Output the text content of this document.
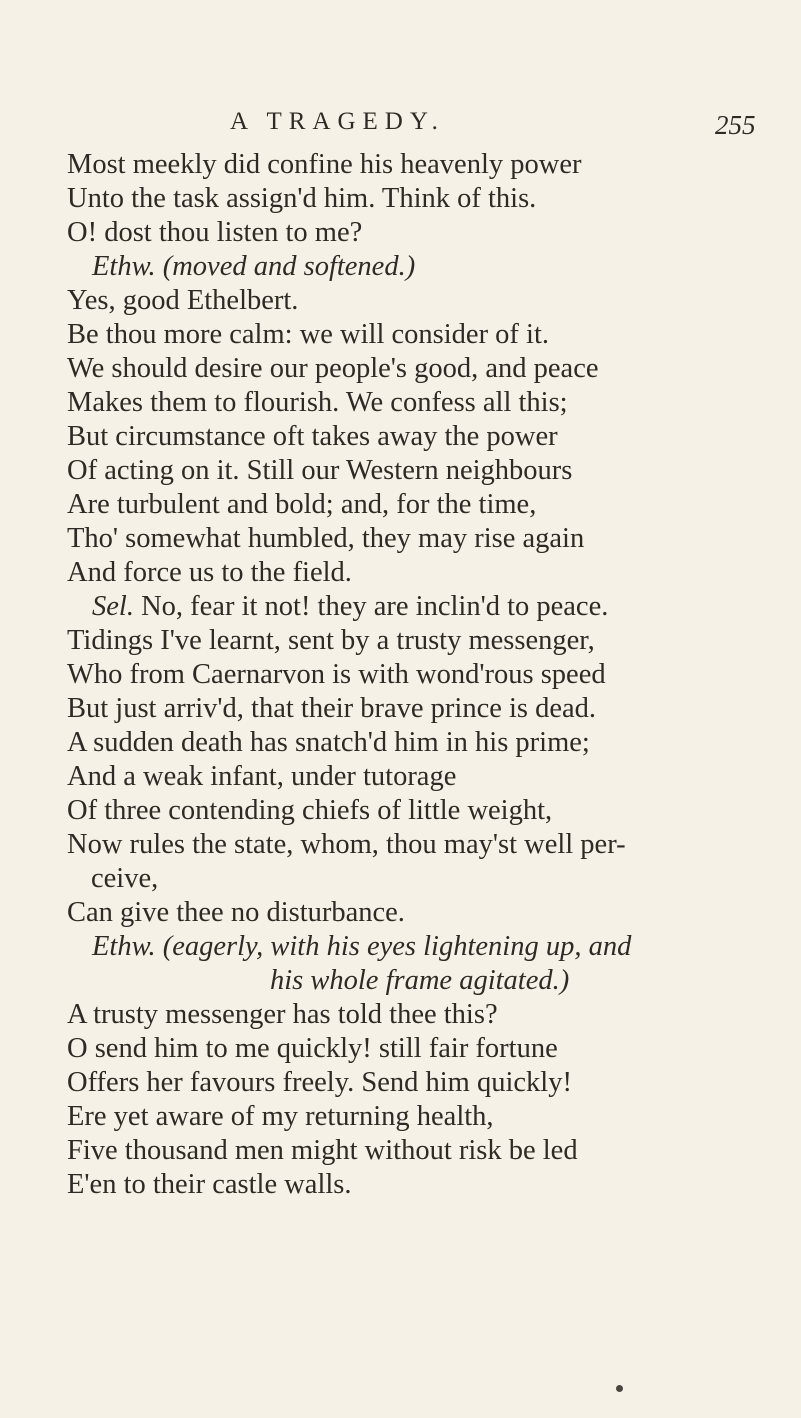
A TRAGEDY.	255
Most meekly did confine his heavenly power
Unto the task assign'd him. Think of this.
O! dost thou listen to me?
Ethw. (moved and softened.)
Yes, good Ethelbert.
Be thou more calm: we will consider of it.
We should desire our people's good, and peace
Makes them to flourish. We confess all this;
But circumstance oft takes away the power
Of acting on it. Still our Western neighbours
Are turbulent and bold; and, for the time,
Tho' somewhat humbled, they may rise again
And force us to the field.
Sel. No, fear it not! they are inclin'd to peace.
Tidings I've learnt, sent by a trusty messenger,
Who from Caernarvon is with wond'rous speed
But just arriv'd, that their brave prince is dead.
A sudden death has snatch'd him in his prime;
And a weak infant, under tutorage
Of three contending chiefs of little weight,
Now rules the state, whom, thou may'st well per-
ceive,
Can give thee no disturbance.
Ethw. (eagerly, with his eyes lightening up, and
his whole frame agitated.)
A trusty messenger has told thee this?
O send him to me quickly! still fair fortune
Offers her favours freely. Send him quickly!
Ere yet aware of my returning health,
Five thousand men might without risk be led
E'en to their castle walls.
